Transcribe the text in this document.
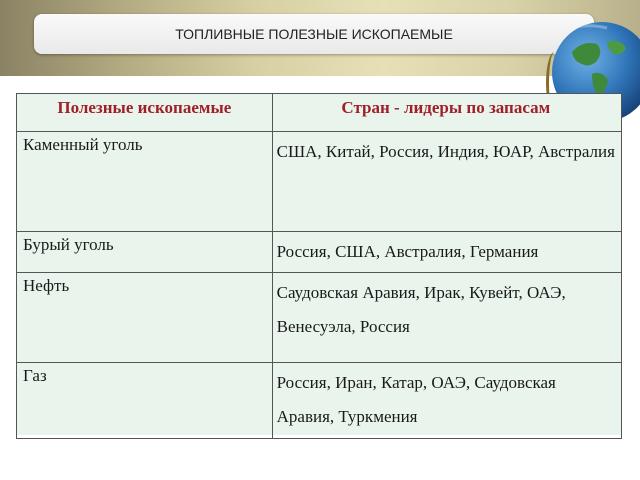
ТОПЛИВНЫЕ ПОЛЕЗНЫЕ ИСКОПАЕМЫЕ
Полезные ископаемые	Стран - лидеры по запасам
Каменный уголь	США, Китай, Россия, Индия, ЮАР, Австралия
Бурый уголь	Россия, США, Австралия, Германия
Нефть	Саудовская Аравия, Ирак, Кувейт, ОАЭ, Венесуэла, Россия
Газ	Россия, Иран, Катар, ОАЭ, Саудовская Аравия, Туркмения
